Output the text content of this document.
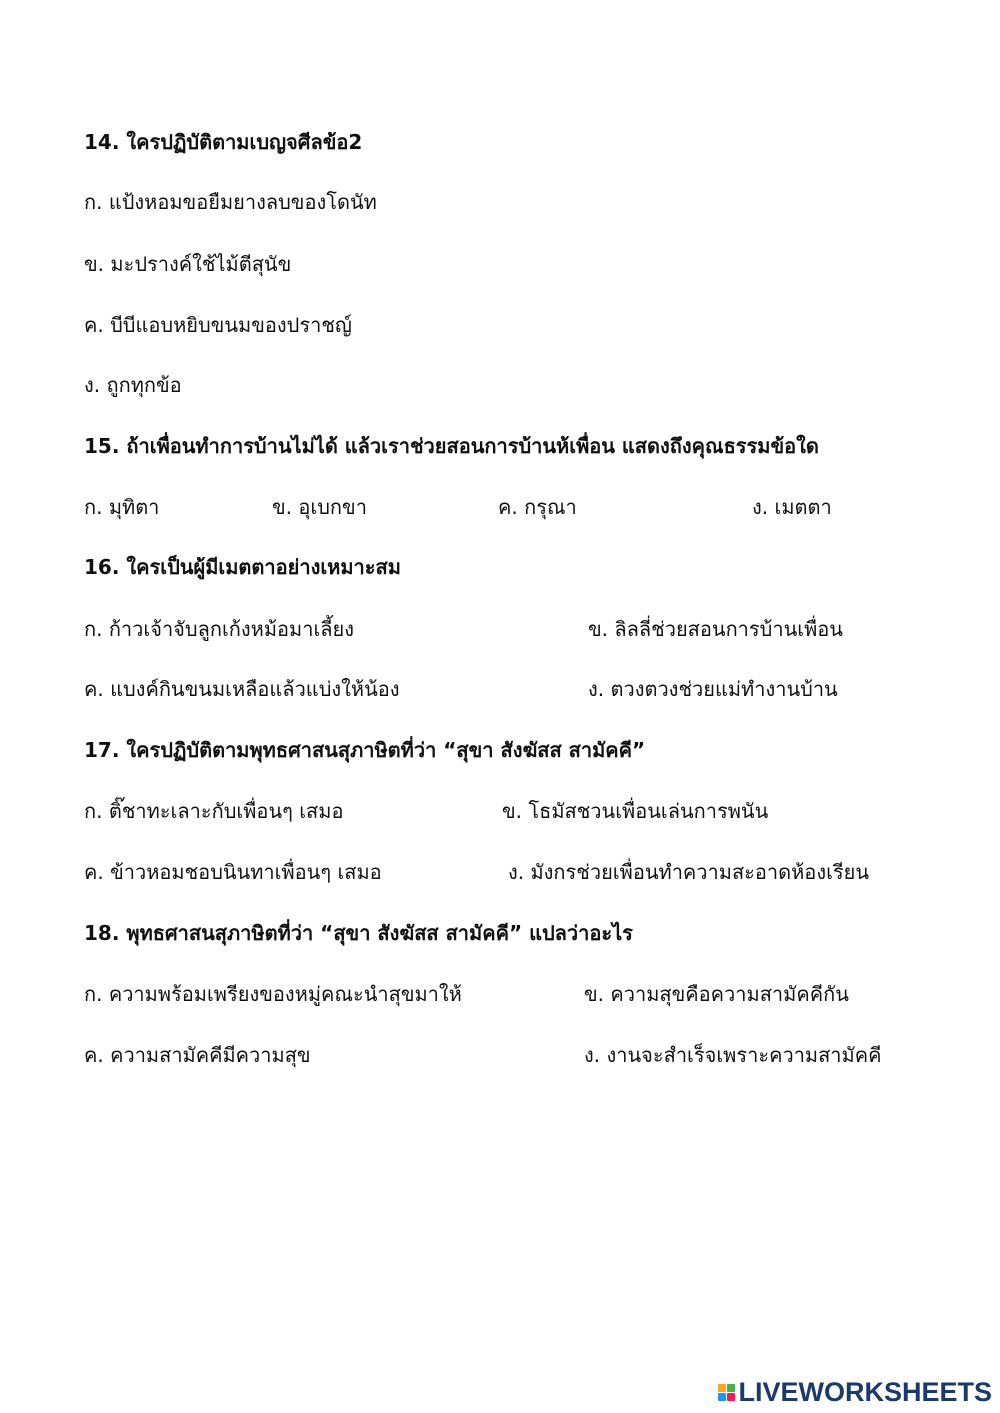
14. ใครปฏิบัติตามเบญจศีลข้อ2
ก. แป้งหอมขอยืมยางลบของโดนัท
ข. มะปรางค์ใช้ไม้ตีสุนัข
ค. บีบีแอบหยิบขนมของปราชญ์
ง. ถูกทุกข้อ
15. ถ้าเพื่อนทำการบ้านไม่ได้ แล้วเราช่วยสอนการบ้านห้เพื่อน แสดงถึงคุณธรรมข้อใด
ก. มุทิตา	ข. อุเบกขา	ค. กรุณา	ง. เมตตา
16. ใครเป็นผู้มีเมตตาอย่างเหมาะสม
ก. ก้าวเจ้าจับลูกเก้งหม้อมาเลี้ยง	ข. ลิลลี่ช่วยสอนการบ้านเพื่อน
ค. แบงค์กินขนมเหลือแล้วแบ่งให้น้อง	ง. ตวงตวงช่วยแม่ทำงานบ้าน
17. ใครปฏิบัติตามพุทธศาสนสุภาษิตที่ว่า “สุขา สังฆัสส สามัคคี”
ก. ติ๊ชาทะเลาะกับเพื่อนๆ เสมอ	ข. โธมัสชวนเพื่อนเล่นการพนัน
ค. ข้าวหอมชอบนินทาเพื่อนๆ เสมอ	ง. มังกรช่วยเพื่อนทำความสะอาดห้องเรียน
18. พุทธศาสนสุภาษิตที่ว่า “สุขา สังฆัสส สามัคคี” แปลว่าอะไร
ก. ความพร้อมเพรียงของหมู่คณะนำสุขมาให้	ข. ความสุขคือความสามัคคีกัน
ค. ความสามัคคีมีความสุข	ง. งานจะสำเร็จเพราะความสามัคคี
LIVEWORKSHEETS
